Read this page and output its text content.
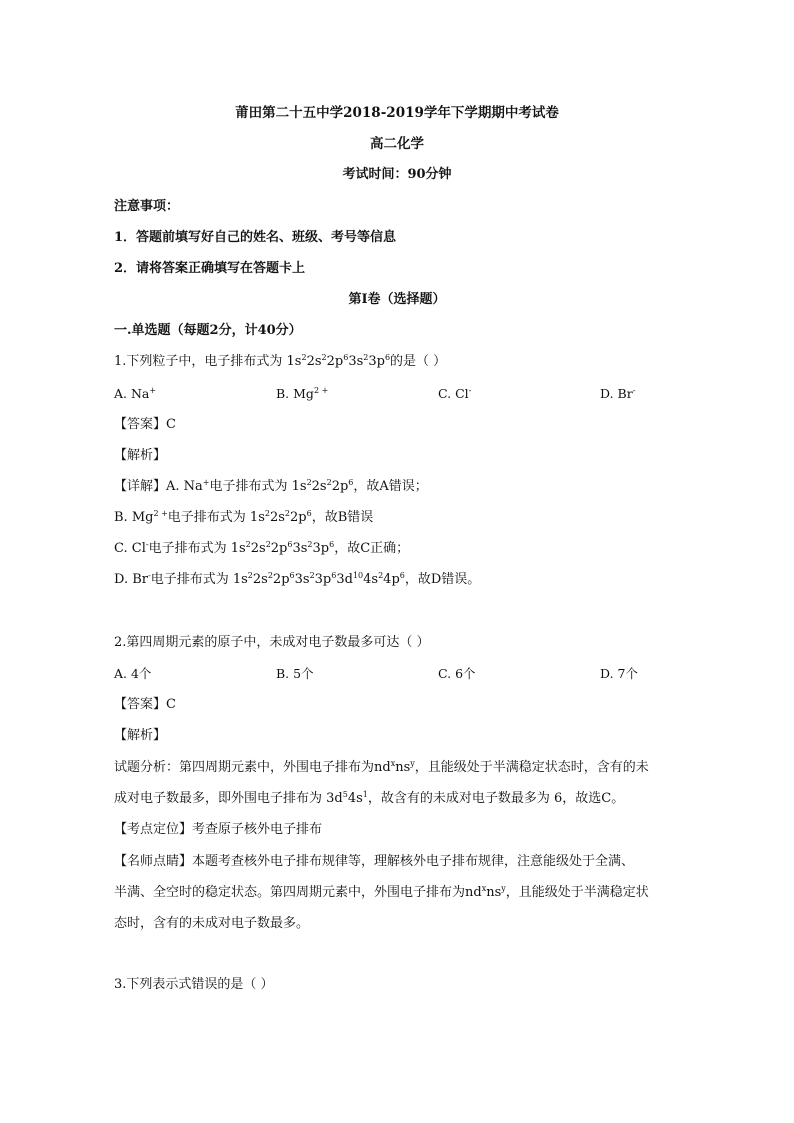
莆田第二十五中学2018-2019学年下学期期中考试卷
高二化学
考试时间：90分钟
注意事项：
1．答题前填写好自己的姓名、班级、考号等信息
2．请将答案正确填写在答题卡上
第I卷（选择题）
一.单选题（每题2分，计40分）
1.下列粒子中，电子排布式为 $1s^22s^22p^63s^23p^6$的是（ ）
A. Na+	B. $Mg^{2 +}$	C. Cl-	D. Br-
【答案】C
【解析】
【详解】A. Na+电子排布式为 $1s^22s^22p^6$，故A错误；
B. $Mg^{2 +}$电子排布式为 $1s^22s^22p^6$，故B错误
C. Cl-电子排布式为 $1s^22s^22p^63s^23p^6$，故C正确；
D. Br-电子排布式为 $1s^22s^22p^63s^23p^63d^{10}4s^24p^6$，故D错误。
2.第四周期元素的原子中，未成对电子数最多可达（ ）
A. 4个	B. 5个	C. 6个	D. 7个
【答案】C
【解析】
试题分析：第四周期元素中，外围电子排布为$nd^xns^y$，且能级处于半满稳定状态时，含有的未
成对电子数最多，即外围电子排布为 $3d^54s^1$，故含有的未成对电子数最多为 6，故选C。
【考点定位】考查原子核外电子排布
【名师点睛】本题考查核外电子排布规律等，理解核外电子排布规律，注意能级处于全满、
半满、全空时的稳定状态。第四周期元素中，外围电子排布为$nd^xns^y$，且能级处于半满稳定状
态时，含有的未成对电子数最多。
3.下列表示式错误的是（ ）
